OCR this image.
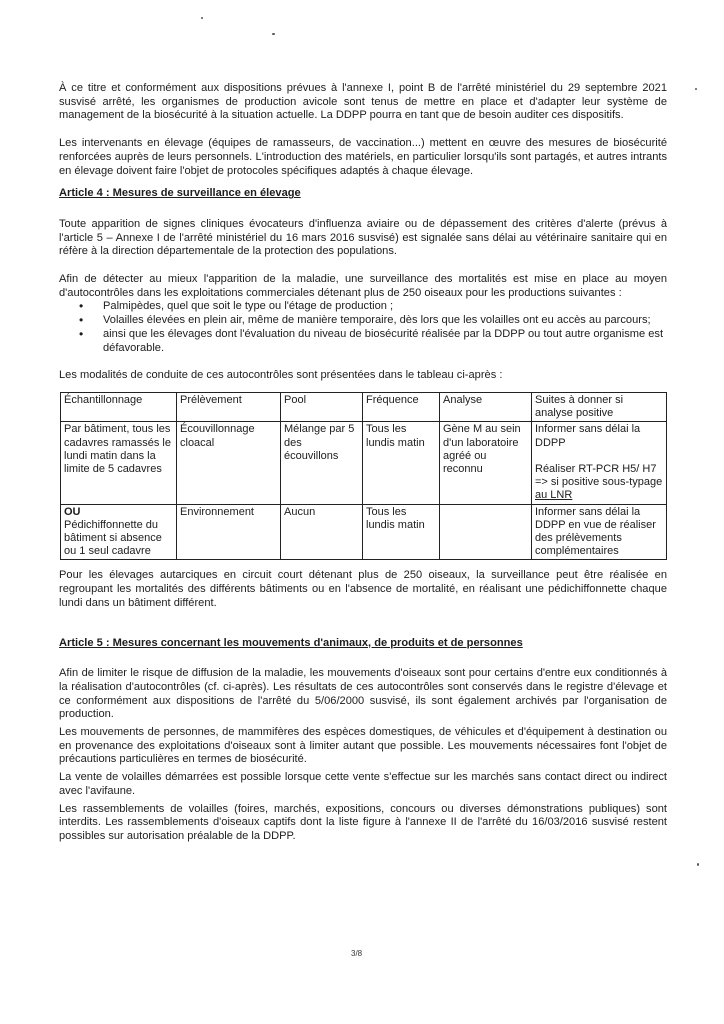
À ce titre et conformément aux dispositions prévues à l'annexe I, point B de l'arrêté ministériel du 29 septembre 2021 susvisé arrêté, les organismes de production avicole sont tenus de mettre en place et d'adapter leur système de management de la biosécurité à la situation actuelle. La DDPP pourra en tant que de besoin auditer ces dispositifs.

Les intervenants en élevage (équipes de ramasseurs, de vaccination...) mettent en œuvre des mesures de biosécurité renforcées auprès de leurs personnels. L'introduction des matériels, en particulier lorsqu'ils sont partagés, et autres intrants en élevage doivent faire l'objet de protocoles spécifiques adaptés à chaque élevage.

Article 4 : Mesures de surveillance en élevage

Toute apparition de signes cliniques évocateurs d'influenza aviaire ou de dépassement des critères d'alerte (prévus à l'article 5 – Annexe I de l'arrêté ministériel du 16 mars 2016 susvisé) est signalée sans délai au vétérinaire sanitaire qui en réfère à la direction départementale de la protection des populations.

Afin de détecter au mieux l'apparition de la maladie, une surveillance des mortalités est mise en place au moyen d'autocontrôles dans les exploitations commerciales détenant plus de 250 oiseaux pour les productions suivantes :

• Palmipèdes, quel que soit le type ou l'étage de production ;
• Volailles élevées en plein air, même de manière temporaire, dès lors que les volailles ont eu accès au parcours;
• ainsi que les élevages dont l'évaluation du niveau de biosécurité réalisée par la DDPP ou tout autre organisme est défavorable.

Les modalités de conduite de ces autocontrôles sont présentées dans le tableau ci-après :

Échantillonnage	Prélèvement	Pool	Fréquence	Analyse	Suites à donner si analyse positive
Par bâtiment, tous les cadavres ramassés le lundi matin dans la limite de 5 cadavres	Écouvillonnage cloacal	Mélange par 5 des écouvillons	Tous les lundis matin	Gène M au sein d'un laboratoire agréé ou reconnu	Informer sans délai la DDPP

Réaliser RT-PCR H5/ H7 => si positive sous-typage au LNR

OU
Pédichiffonnette du bâtiment si absence ou 1 seul cadavre	Environnement	Aucun	Tous les lundis matin		Informer sans délai la DDPP en vue de réaliser des prélèvements complémentaires

Pour les élevages autarciques en circuit court détenant plus de 250 oiseaux, la surveillance peut être réalisée en regroupant les mortalités des différents bâtiments ou en l'absence de mortalité, en réalisant une pédichiffonnette chaque lundi dans un bâtiment différent.

Article 5 : Mesures concernant les mouvements d'animaux, de produits et de personnes

Afin de limiter le risque de diffusion de la maladie, les mouvements d'oiseaux sont pour certains d'entre eux conditionnés à la réalisation d'autocontrôles (cf. ci-après). Les résultats de ces autocontrôles sont conservés dans le registre d'élevage et ce conformément aux dispositions de l'arrêté du 5/06/2000 susvisé, ils sont également archivés par l'organisation de production.

Les mouvements de personnes, de mammifères des espèces domestiques, de véhicules et d'équipement à destination ou en provenance des exploitations d'oiseaux sont à limiter autant que possible. Les mouvements nécessaires font l'objet de précautions particulières en termes de biosécurité.

La vente de volailles démarrées est possible lorsque cette vente s'effectue sur les marchés sans contact direct ou indirect avec l'avifaune.

Les rassemblements de volailles (foires, marchés, expositions, concours ou diverses démonstrations publiques) sont interdits. Les rassemblements d'oiseaux captifs dont la liste figure à l'annexe II de l'arrêté du 16/03/2016 susvisé restent possibles sur autorisation préalable de la DDPP.

3/8
